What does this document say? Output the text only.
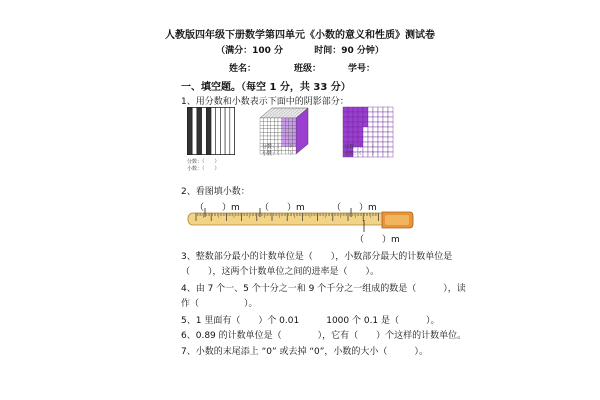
人教版四年级下册数学第四单元《小数的意义和性质》测试卷
（满分：100 分	时间：90 分钟）
姓名：	班级：	学号：
一、填空题。（每空 1 分，共 33 分）
1、用分数和小数表示下面中的阴影部分：
分数：（　　）
小数：（　　）
分数：（　　）
小数：（　　）
分数：（　　）
小数：（　　）
2、看图填小数：
（　　）m （　　）m	（　　）m
（　　）m
3、整数部分最小的计数单位是（　　），小数部分最大的计数单位是
（　　），这两个计数单位之间的进率是（　　）。
4、由 7 个一、5 个十分之一和 9 个千分之一组成的数是（　　　），读
作（　　　　　）。
5、1 里面有（　　）个 0.01　　　1000 个 0.1 是（　　　）。
6、0.89 的计数单位是（　　　　），它有（　　）个这样的计数单位。
7、小数的末尾添上 “0” 或去掉 “0”，小数的大小（　　　）。
